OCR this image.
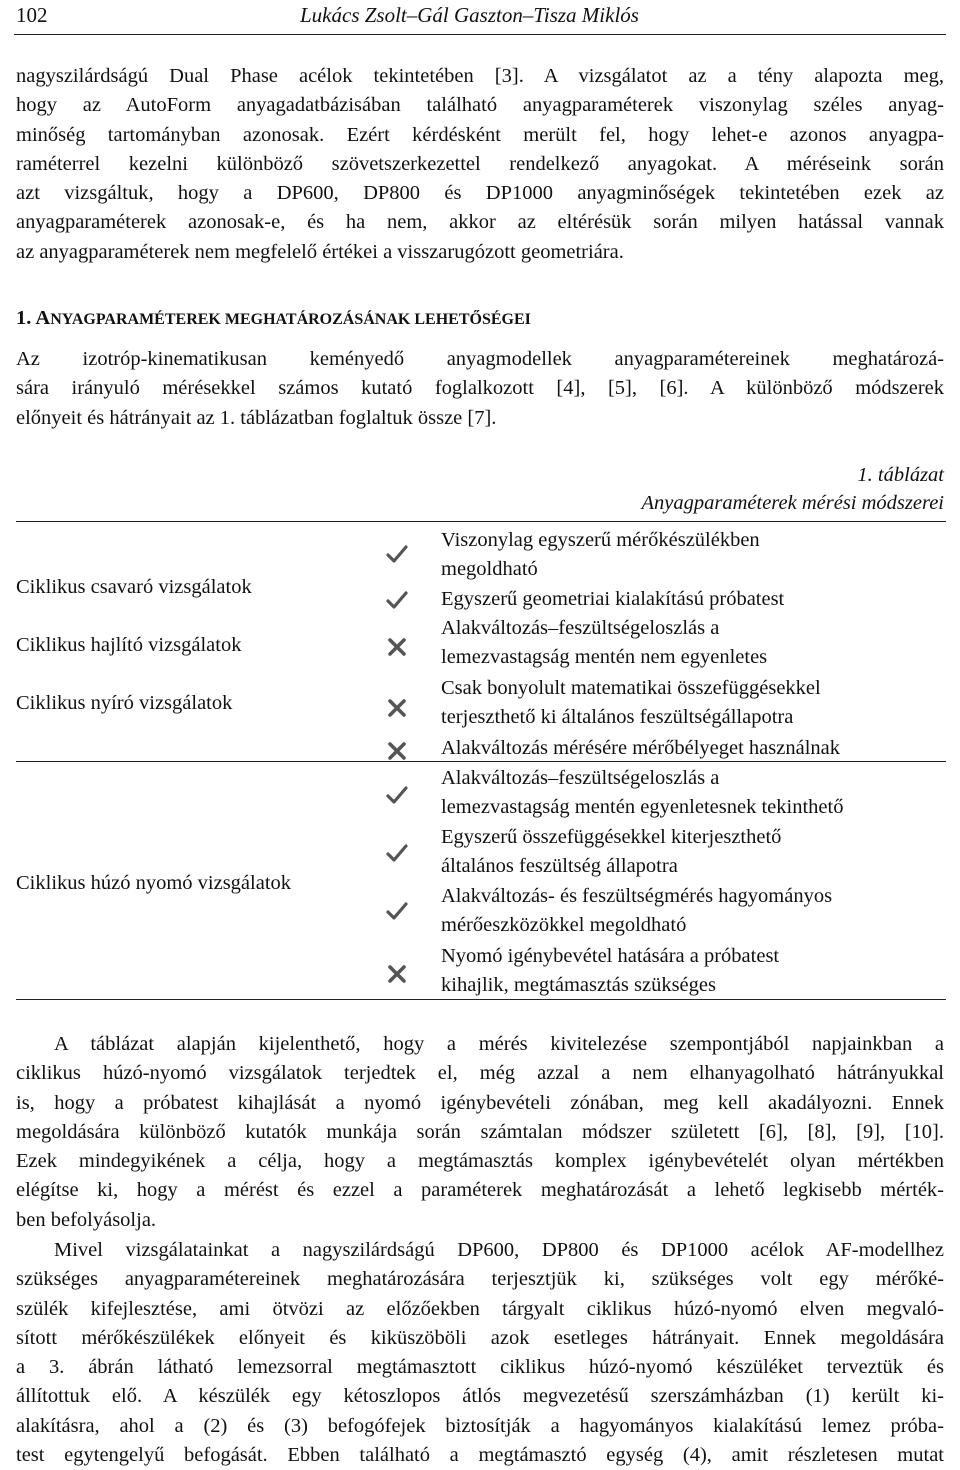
102	Lukács Zsolt–Gál Gaszton–Tisza Miklós

nagyszilárdságú Dual Phase acélok tekintetében [3]. A vizsgálatot az a tény alapozta meg,
hogy az AutoForm anyagadatbázisában található anyagparaméterek viszonylag széles anyag-
minőség tartományban azonosak. Ezért kérdésként merült fel, hogy lehet-e azonos anyagpa-
raméterrel kezelni különböző szövetszerkezettel rendelkező anyagokat. A méréseink során
azt vizsgáltuk, hogy a DP600, DP800 és DP1000 anyagminőségek tekintetében ezek az
anyagparaméterek azonosak-e, és ha nem, akkor az eltérésük során milyen hatással vannak
az anyagparaméterek nem megfelelő értékei a visszarugózott geometriára.

1. ANYAGPARAMÉTEREK MEGHATÁROZÁSÁNAK LEHETŐSÉGEI

Az izotróp-kinematikusan keményedő anyagmodellek anyagparamétereinek meghatározá-
sára irányuló mérésekkel számos kutató foglalkozott [4], [5], [6]. A különböző módszerek
előnyeit és hátrányait az 1. táblázatban foglaltuk össze [7].

1. táblázat
Anyagparaméterek mérési módszerei
Ciklikus csavaró vizsgálatok
Ciklikus hajlító vizsgálatok
Ciklikus nyíró vizsgálatok
Ciklikus húzó nyomó vizsgálatok
Viszonylag egyszerű mérőkészülékben
megoldható
Egyszerű geometriai kialakítású próbatest
Alakváltozás–feszültségeloszlás a
lemezvastagság mentén nem egyenletes
Csak bonyolult matematikai összefüggésekkel
terjeszthető ki általános feszültségállapotra
Alakváltozás mérésére mérőbélyeget használnak
Alakváltozás–feszültségeloszlás a
lemezvastagság mentén egyenletesnek tekinthető
Egyszerű összefüggésekkel kiterjeszthető
általános feszültség állapotra
Alakváltozás- és feszültségmérés hagyományos
mérőeszközökkel megoldható
Nyomó igénybevétel hatására a próbatest
kihajlik, megtámasztás szükséges

A táblázat alapján kijelenthető, hogy a mérés kivitelezése szempontjából napjainkban a
ciklikus húzó-nyomó vizsgálatok terjedtek el, még azzal a nem elhanyagolható hátrányukkal
is, hogy a próbatest kihajlását a nyomó igénybevételi zónában, meg kell akadályozni. Ennek
megoldására különböző kutatók munkája során számtalan módszer született [6], [8], [9], [10].
Ezek mindegyikének a célja, hogy a megtámasztás komplex igénybevételét olyan mértékben
elégítse ki, hogy a mérést és ezzel a paraméterek meghatározását a lehető legkisebb mérték-
ben befolyásolja.

Mivel vizsgálatainkat a nagyszilárdságú DP600, DP800 és DP1000 acélok AF-modellhez
szükséges anyagparamétereinek meghatározására terjesztjük ki, szükséges volt egy mérőké-
szülék kifejlesztése, ami ötvözi az előzőekben tárgyalt ciklikus húzó-nyomó elven megvaló-
sított mérőkészülékek előnyeit és kiküszöböli azok esetleges hátrányait. Ennek megoldására
a 3. ábrán látható lemezsorral megtámasztott ciklikus húzó-nyomó készüléket terveztük és
állítottuk elő. A készülék egy kétoszlopos átlós megvezetésű szerszámházban (1) került ki-
alakításra, ahol a (2) és (3) befogófejek biztosítják a hagyományos kialakítású lemez próba-
test egytengelyű befogását. Ebben található a megtámasztó egység (4), amit részletesen mutat
